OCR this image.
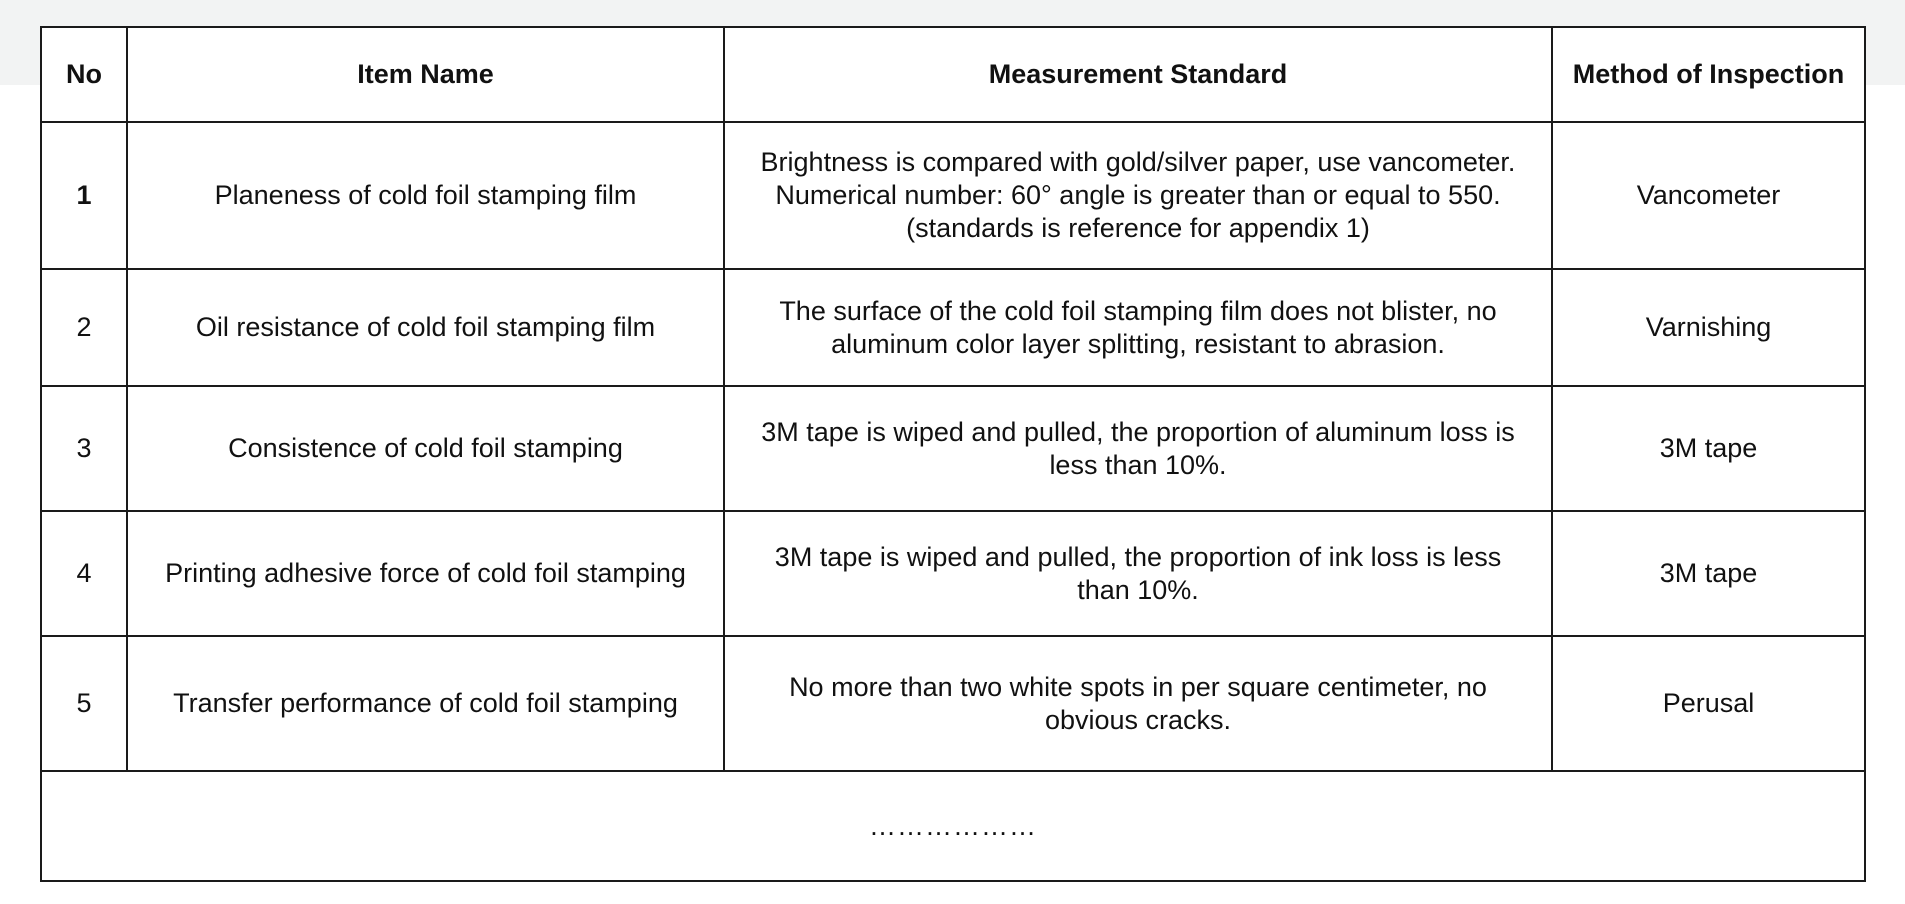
No	Item Name	Measurement Standard	Method of Inspection
1	Planeness of cold foil stamping film	Brightness is compared with gold/silver paper, use vancometer.
Numerical number: 60° angle is greater than or equal to 550.
(standards is reference for appendix 1)	Vancometer
2	Oil resistance of cold foil stamping film	The surface of the cold foil stamping film does not blister, no
aluminum color layer splitting, resistant to abrasion.	Varnishing
3	Consistence of cold foil stamping	3M tape is wiped and pulled, the proportion of aluminum loss is
less than 10%.	3M tape
4	Printing adhesive force of cold foil stamping	3M tape is wiped and pulled, the proportion of ink loss is less
than 10%.	3M tape
5	Transfer performance of cold foil stamping	No more than two white spots in per square centimeter, no
obvious cracks.	Perusal
………………			
